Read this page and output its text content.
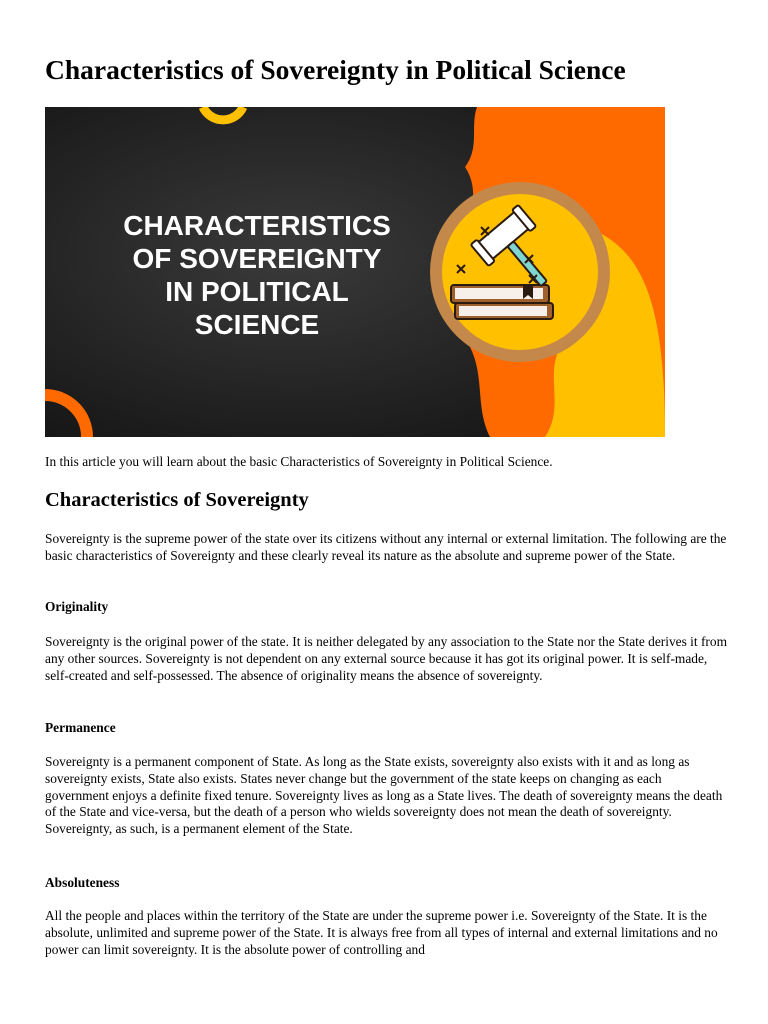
Characteristics of Sovereignty in Political Science
CHARACTERISTICS
OF SOVEREIGNTY
IN POLITICAL
SCIENCE

In this article you will learn about the basic Characteristics of Sovereignty in Political Science.

Characteristics of Sovereignty

Sovereignty is the supreme power of the state over its citizens without any internal or external limitation. The following are the basic characteristics of Sovereignty and these clearly reveal its nature as the absolute and supreme power of the State.

Originality

Sovereignty is the original power of the state. It is neither delegated by any association to the State nor the State derives it from any other sources. Sovereignty is not dependent on any external source because it has got its original power. It is self-made, self-created and self-possessed. The absence of originality means the absence of sovereignty.

Permanence

Sovereignty is a permanent component of State. As long as the State exists, sovereignty also exists with it and as long as sovereignty exists, State also exists. States never change but the government of the state keeps on changing as each government enjoys a definite fixed tenure. Sovereignty lives as long as a State lives. The death of sovereignty means the death of the State and vice-versa, but the death of a person who wields sovereignty does not mean the death of sovereignty. Sovereignty, as such, is a permanent element of the State.

Absoluteness

All the people and places within the territory of the State are under the supreme power i.e. Sovereignty of the State. It is the absolute, unlimited and supreme power of the State. It is always free from all types of internal and external limitations and no power can limit sovereignty. It is the absolute power of controlling and
